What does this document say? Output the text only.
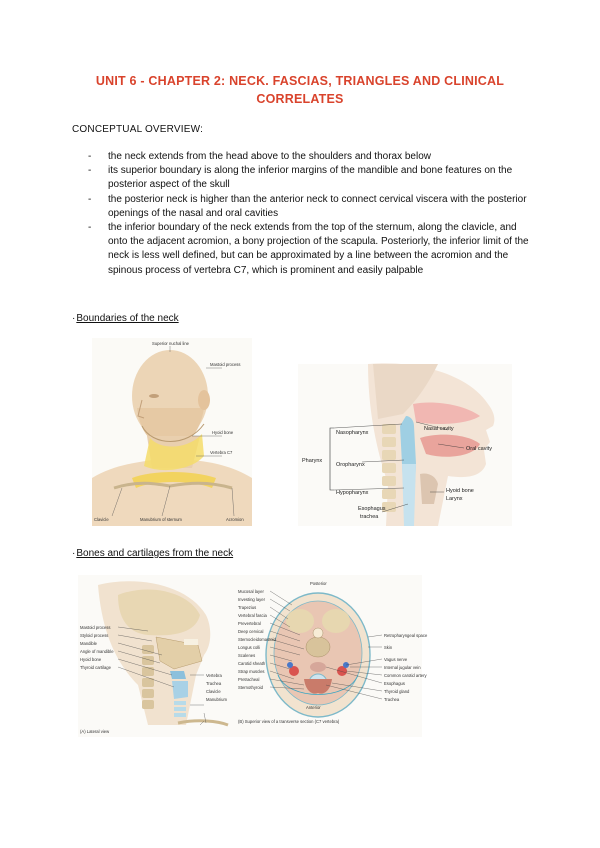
UNIT 6 - CHAPTER 2: NECK. FASCIAS, TRIANGLES AND CLINICAL
CORRELATES
CONCEPTUAL OVERVIEW:
- the neck extends from the head above to the shoulders and thorax below
- its superior boundary is along the inferior margins of the mandible and bone features on the posterior aspect of the skull
- the posterior neck is higher than the anterior neck to connect cervical viscera with the posterior openings of the nasal and oral cavities
- the inferior boundary of the neck extends from the top of the sternum, along the clavicle, and onto the adjacent acromion, a bony projection of the scapula. Posteriorly, the inferior limit of the neck is less well defined, but can be approximated by a line between the acromion and the spinous process of vertebra C7, which is prominent and easily palpable
·Boundaries of the neck
Superior nuchal line
Mastoid process
Hyoid bone
Vertebra C7
Clavicle	Manubrium of sternum	Acromion
Nasal cavity
Oral cavity
Nasopharynx
Pharynx
Oropharynx
Hypopharynx	Hyoid bone
Larynx
Esophagus
trachea
·Bones and cartilages from the neck
Mastoid process
Styloid process
Mandible
Angle of mandible
Hyoid bone
Thyroid cartilage
Vertebra
Trachea
Clavicle
Manubrium
(A) Lateral view
Posterior
Anterior
Mucosal layer
Investing layer
Trapezius
Vertebral fascia
Prevertebral
Deep cervical
Sternocleidomastoid
Longus colli
Scalenes
Carotid sheath
Strap muscles
Pretracheal
Sternothyroid
Retropharyngeal space
Skin
Vagus nerve
Internal jugular vein
Common carotid artery
Esophagus
Thyroid gland
Trachea
(B) Superior view of a transverse section (C7 vertebra)
